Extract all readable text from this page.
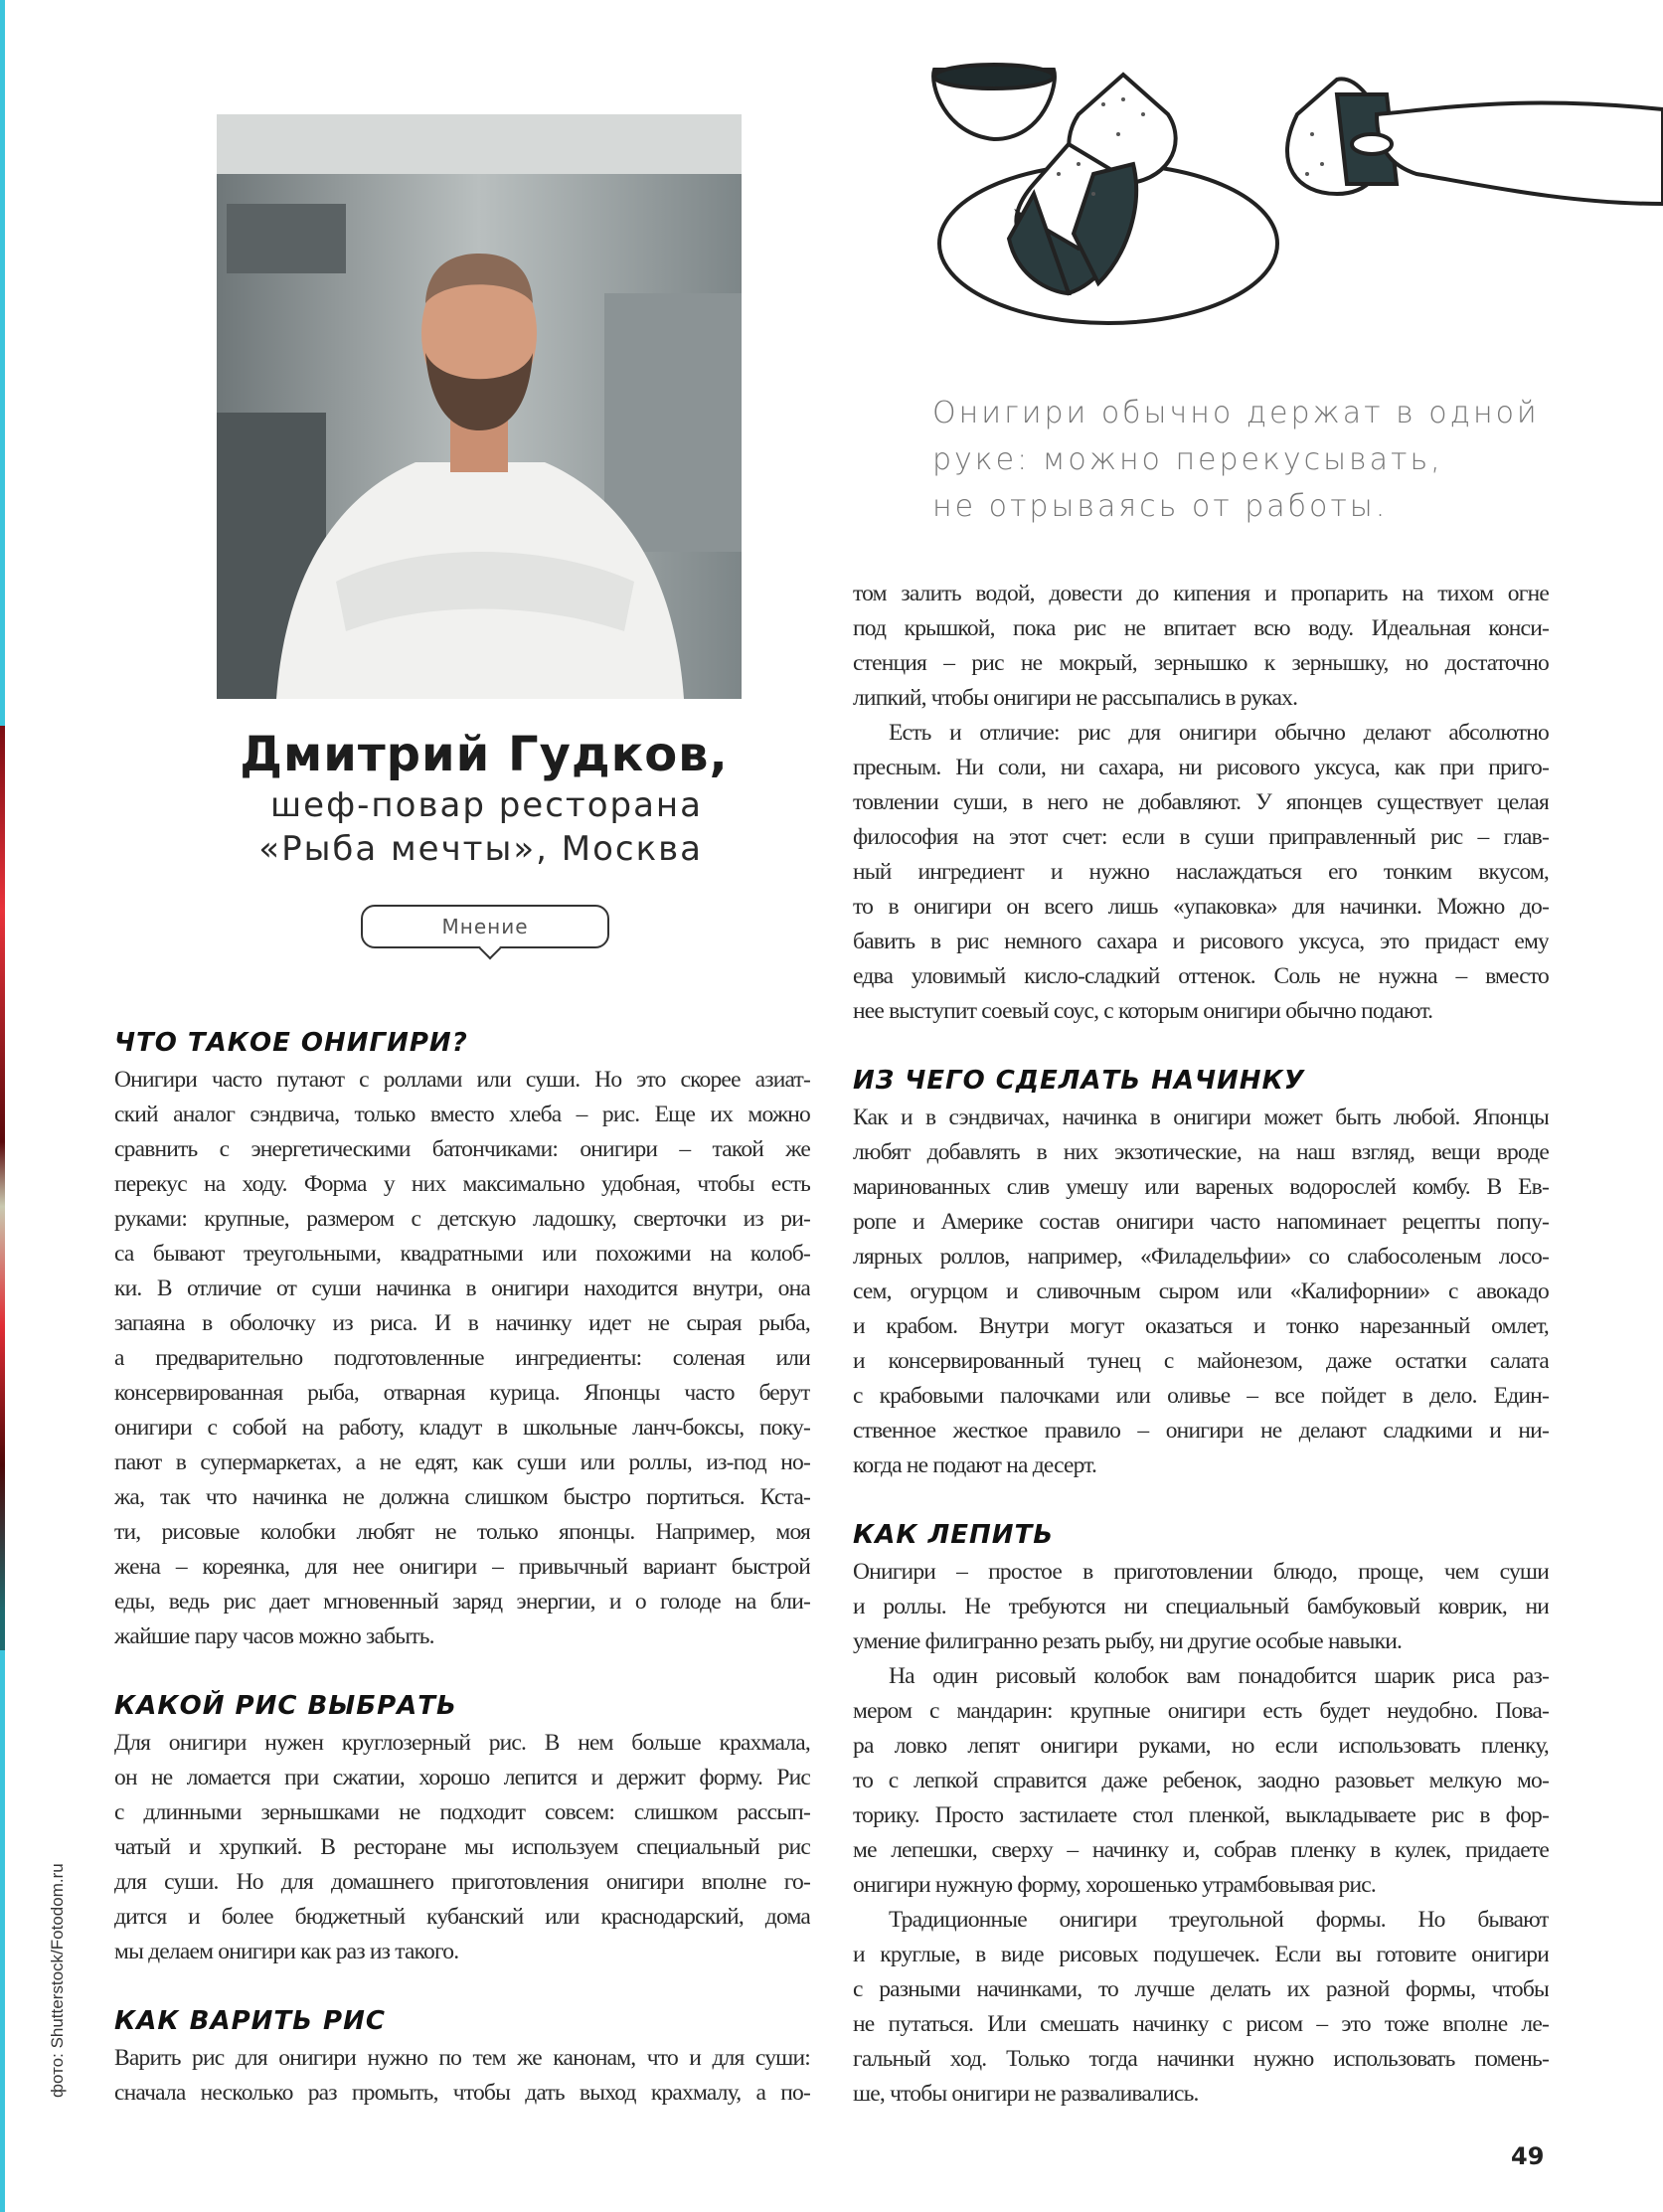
Дмитрий Гудков,
шеф-повар ресторана
«Рыба мечты», Москва
Мнение
Онигири обычно держат в одной
руке: можно перекусывать,
не отрываясь от работы.
ЧТО ТАКОЕ ОНИГИРИ?
Онигири часто путают с роллами или суши. Но это скорее азиат-
ский аналог сэндвича, только вместо хлеба – рис. Еще их можно
сравнить с энергетическими батончиками: онигири – такой же
перекус на ходу. Форма у них максимально удобная, чтобы есть
руками: крупные, размером с детскую ладошку, сверточки из ри-
са бывают треугольными, квадратными или похожими на колоб-
ки. В отличие от суши начинка в онигири находится внутри, она
запаяна в оболочку из риса. И в начинку идет не сырая рыба,
а предварительно подготовленные ингредиенты: соленая или
консервированная рыба, отварная курица. Японцы часто берут
онигири с собой на работу, кладут в школьные ланч-боксы, поку-
пают в супермаркетах, а не едят, как суши или роллы, из-под но-
жа, так что начинка не должна слишком быстро портиться. Кста-
ти, рисовые колобки любят не только японцы. Например, моя
жена – кореянка, для нее онигири – привычный вариант быстрой
еды, ведь рис дает мгновенный заряд энергии, и о голоде на бли-
жайшие пару часов можно забыть.
КАКОЙ РИС ВЫБРАТЬ
Для онигири нужен круглозерный рис. В нем больше крахмала,
он не ломается при сжатии, хорошо лепится и держит форму. Рис
с длинными зернышками не подходит совсем: слишком рассып-
чатый и хрупкий. В ресторане мы используем специальный рис
для суши. Но для домашнего приготовления онигири вполне го-
дится и более бюджетный кубанский или краснодарский, дома
мы делаем онигири как раз из такого.
КАК ВАРИТЬ РИС
Варить рис для онигири нужно по тем же канонам, что и для суши:
сначала несколько раз промыть, чтобы дать выход крахмалу, а по-
том залить водой, довести до кипения и пропарить на тихом огне
под крышкой, пока рис не впитает всю воду. Идеальная конси-
стенция – рис не мокрый, зернышко к зернышку, но достаточно
липкий, чтобы онигири не рассыпались в руках.
Есть и отличие: рис для онигири обычно делают абсолютно
пресным. Ни соли, ни сахара, ни рисового уксуса, как при приго-
товлении суши, в него не добавляют. У японцев существует целая
философия на этот счет: если в суши приправленный рис – глав-
ный ингредиент и нужно наслаждаться его тонким вкусом,
то в онигири он всего лишь «упаковка» для начинки. Можно до-
бавить в рис немного сахара и рисового уксуса, это придаст ему
едва уловимый кисло-сладкий оттенок. Соль не нужна – вместо
нее выступит соевый соус, с которым онигири обычно подают.
ИЗ ЧЕГО СДЕЛАТЬ НАЧИНКУ
Как и в сэндвичах, начинка в онигири может быть любой. Японцы
любят добавлять в них экзотические, на наш взгляд, вещи вроде
маринованных слив умешу или вареных водорослей комбу. В Ев-
ропе и Америке состав онигири часто напоминает рецепты попу-
лярных роллов, например, «Филадельфии» со слабосоленым лосо-
сем, огурцом и сливочным сыром или «Калифорнии» с авокадо
и крабом. Внутри могут оказаться и тонко нарезанный омлет,
и консервированный тунец с майонезом, даже остатки салата
с крабовыми палочками или оливье – все пойдет в дело. Един-
ственное жесткое правило – онигири не делают сладкими и ни-
когда не подают на десерт.
КАК ЛЕПИТЬ
Онигири – простое в приготовлении блюдо, проще, чем суши
и роллы. Не требуются ни специальный бамбуковый коврик, ни
умение филигранно резать рыбу, ни другие особые навыки.
На один рисовый колобок вам понадобится шарик риса раз-
мером с мандарин: крупные онигири есть будет неудобно. Пова-
ра ловко лепят онигири руками, но если использовать пленку,
то с лепкой справится даже ребенок, заодно разовьет мелкую мо-
торику. Просто застилаете стол пленкой, выкладываете рис в фор-
ме лепешки, сверху – начинку и, собрав пленку в кулек, придаете
онигири нужную форму, хорошенько утрамбовывая рис.
Традиционные онигири треугольной формы. Но бывают
и круглые, в виде рисовых подушечек. Если вы готовите онигири
с разными начинками, то лучше делать их разной формы, чтобы
не путаться. Или смешать начинку с рисом – это тоже вполне ле-
гальный ход. Только тогда начинки нужно использовать помень-
ше, чтобы онигири не разваливались.
фото: Shutterstock/Fotodom.ru
49
